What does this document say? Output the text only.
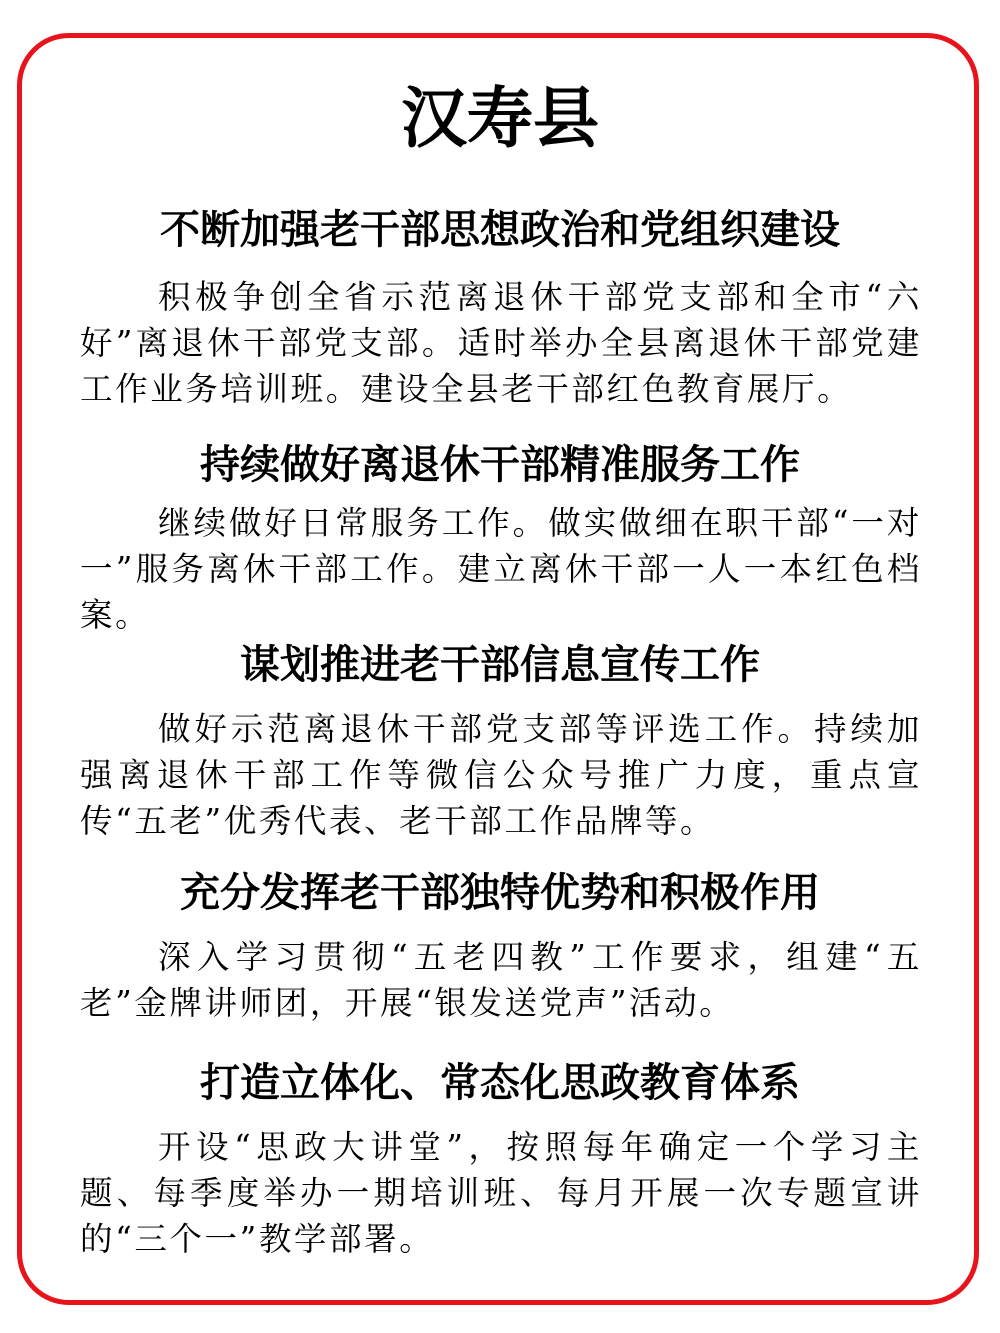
汉寿县
不断加强老干部思想政治和党组织建设

积极争创全省示范离退休干部党支部和全市“六好”离退休干部党支部。适时举办全县离退休干部党建工作业务培训班。建设全县老干部红色教育展厅。

持续做好离退休干部精准服务工作

继续做好日常服务工作。做实做细在职干部“一对一”服务离休干部工作。建立离休干部一人一本红色档案。

谋划推进老干部信息宣传工作

做好示范离退休干部党支部等评选工作。持续加强离退休干部工作等微信公众号推广力度，重点宣传“五老”优秀代表、老干部工作品牌等。

充分发挥老干部独特优势和积极作用

深入学习贯彻“五老四教”工作要求，组建“五老”金牌讲师团，开展“银发送党声”活动。

打造立体化、常态化思政教育体系

开设“思政大讲堂”，按照每年确定一个学习主题、每季度举办一期培训班、每月开展一次专题宣讲的“三个一”教学部署。
